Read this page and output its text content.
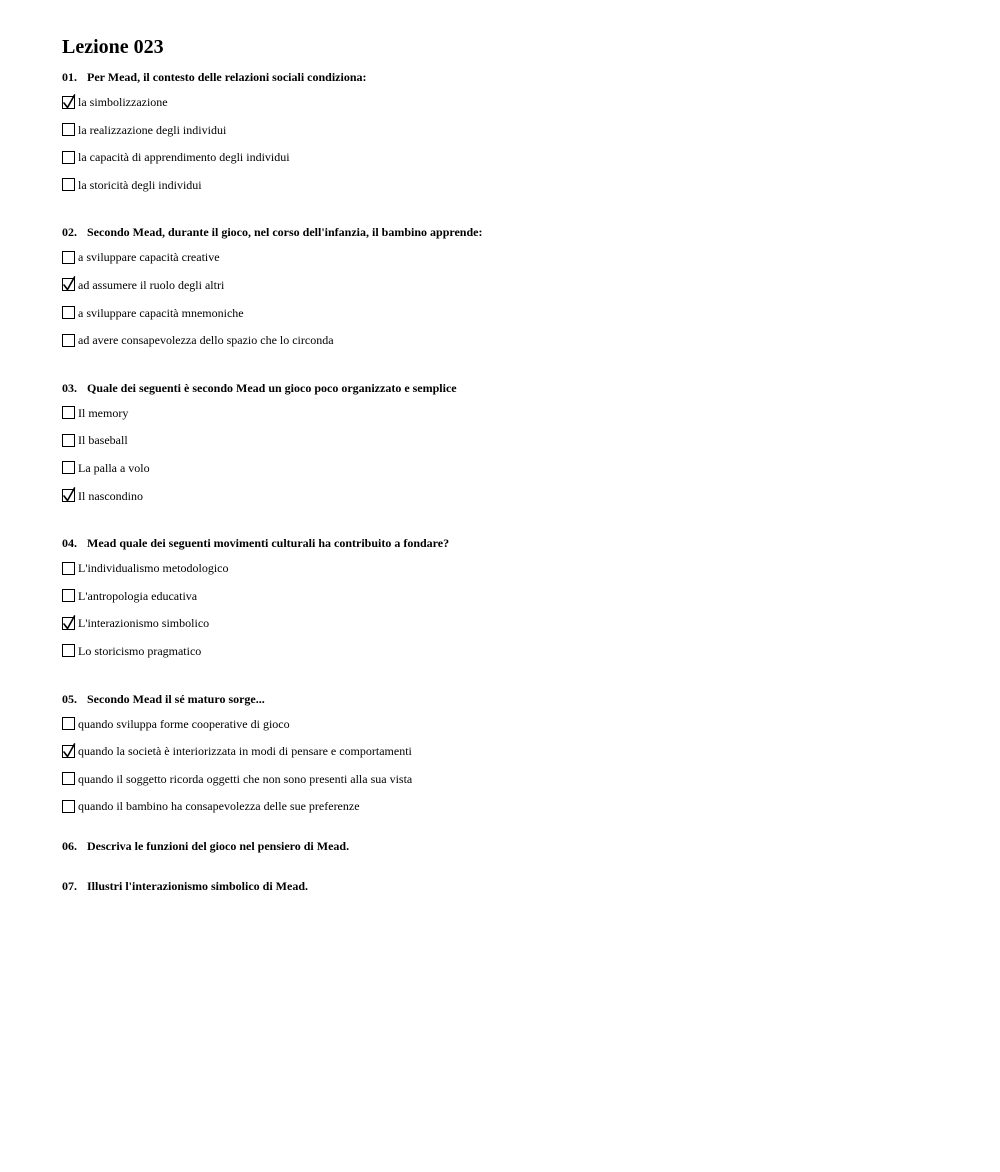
Lezione 023
01. Per Mead, il contesto delle relazioni sociali condiziona:
la simbolizzazione
la realizzazione degli individui
la capacità di apprendimento degli individui
la storicità degli individui
02. Secondo Mead, durante il gioco, nel corso dell'infanzia, il bambino apprende:
a sviluppare capacità creative
ad assumere il ruolo degli altri
a sviluppare capacità mnemoniche
ad avere consapevolezza dello spazio che lo circonda
03. Quale dei seguenti è secondo Mead un gioco poco organizzato e semplice
Il memory
Il baseball
La palla a volo
Il nascondino
04. Mead quale dei seguenti movimenti culturali ha contribuito a fondare?
L'individualismo metodologico
L'antropologia educativa
L'interazionismo simbolico
Lo storicismo pragmatico
05. Secondo Mead il sé maturo sorge...
quando sviluppa forme cooperative di gioco
quando la società è interiorizzata in modi di pensare e comportamenti
quando il soggetto ricorda oggetti che non sono presenti alla sua vista
quando il bambino ha consapevolezza delle sue preferenze
06. Descriva le funzioni del gioco nel pensiero di Mead.
07. Illustri l'interazionismo simbolico di Mead.
